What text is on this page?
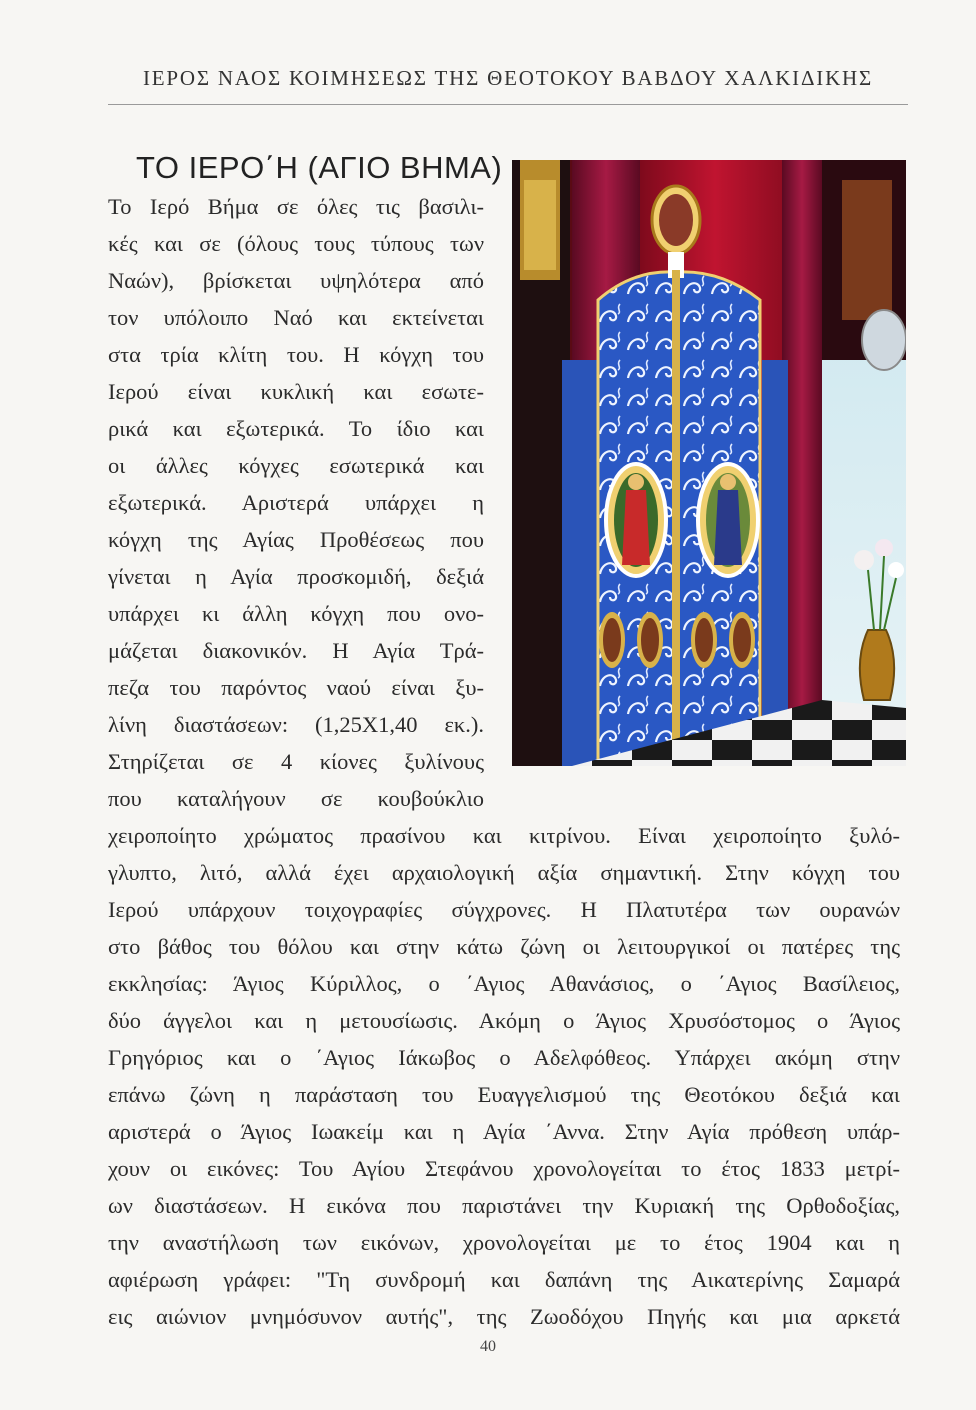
ΙΕΡΟΣ ΝΑΟΣ ΚΟΙΜΗΣΕΩΣ ΤΗΣ ΘΕΟΤΟΚΟΥ ΒΑΒΔΟΥ ΧΑΛΚΙΔΙΚΗΣ
ΤΟ ΙΕΡΟ΄Η (ΑΓΙΟ ΒΗΜΑ)
Το Ιερό Βήμα σε όλες τις βασιλι-
κές και σε (όλους τους τύπους των
Ναών), βρίσκεται υψηλότερα από
τον υπόλοιπο Ναό και εκτείνεται
στα τρία κλίτη του. Η κόγχη του
Ιερού είναι κυκλική και εσωτε-
ρικά και εξωτερικά. Το ίδιο και
οι άλλες κόγχες εσωτερικά και
εξωτερικά. Αριστερά υπάρχει η
κόγχη της Αγίας Προθέσεως που
γίνεται η Αγία προσκομιδή, δεξιά
υπάρχει κι άλλη κόγχη που ονο-
μάζεται διακονικόν. Η Αγία Τρά-
πεζα του παρόντος ναού είναι ξυ-
λίνη διαστάσεων: (1,25Χ1,40 εκ.).
Στηρίζεται σε 4 κίονες ξυλίνους
που καταλήγουν σε κουβούκλιο
χειροποίητο χρώματος πρασίνου και κιτρίνου. Είναι χειροποίητο ξυλό-
γλυπτο, λιτό, αλλά έχει αρχαιολογική αξία σημαντική. Στην κόγχη του
Ιερού υπάρχουν τοιχογραφίες σύγχρονες. Η Πλατυτέρα των ουρανών
στο βάθος του θόλου και στην κάτω ζώνη οι λειτουργικοί οι πατέρες της
εκκλησίας: Άγιος Κύριλλος, ο ΄Αγιος Αθανάσιος, ο ΄Αγιος Βασίλειος,
δύο άγγελοι και η μετουσίωσις. Ακόμη ο Άγιος Χρυσόστομος ο Άγιος
Γρηγόριος και ο ΄Αγιος Ιάκωβος ο Αδελφόθεος. Υπάρχει ακόμη στην
επάνω ζώνη η παράσταση του Ευαγγελισμού της Θεοτόκου δεξιά και
αριστερά ο Άγιος Ιωακείμ και η Αγία ΄Αννα. Στην Αγία πρόθεση υπάρ-
χουν οι εικόνες: Του Αγίου Στεφάνου χρονολογείται το έτος 1833 μετρί-
ων διαστάσεων. Η εικόνα που παριστάνει την Κυριακή της Ορθοδοξίας,
την αναστήλωση των εικόνων, χρονολογείται με το έτος 1904 και η
αφιέρωση γράφει: "Τη συνδρομή και δαπάνη της Αικατερίνης Σαμαρά
εις αιώνιον μνημόσυνον αυτής", της Ζωοδόχου Πηγής και μια αρκετά
40
